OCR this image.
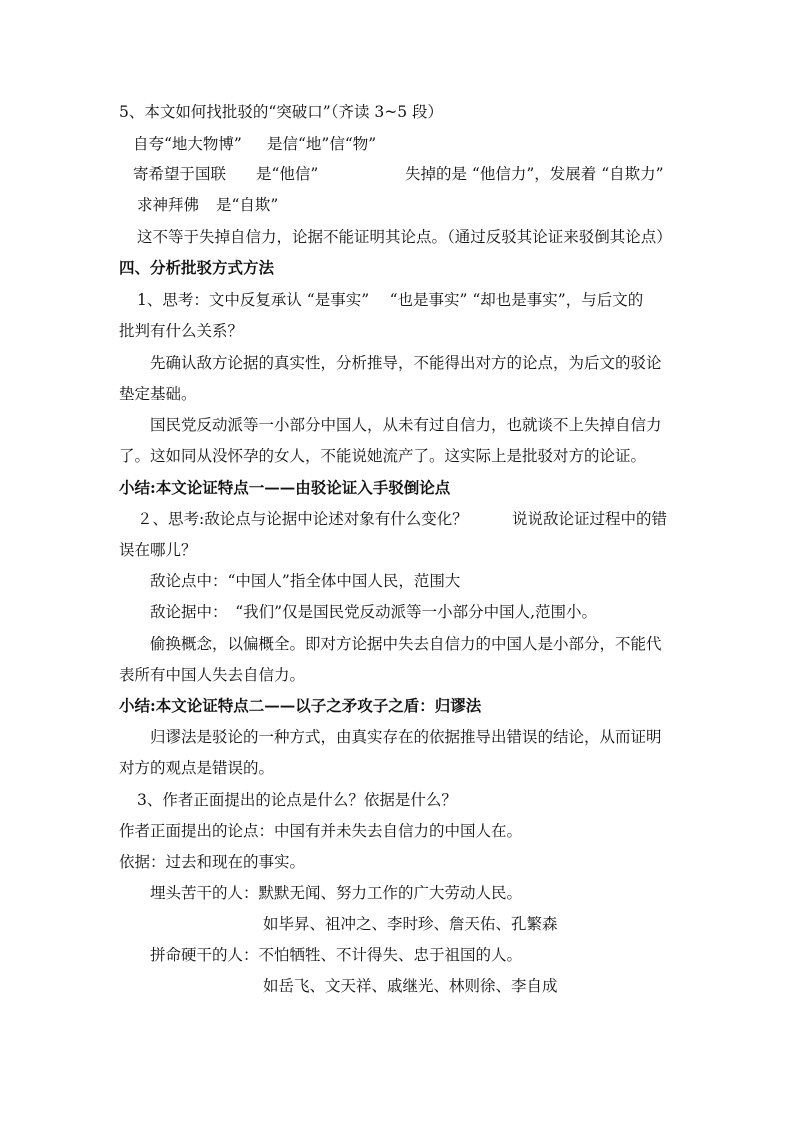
5、本文如何找批驳的“突破口”（齐读 3~5 段）
自夸“地大物博” 是信“地”信“物”
寄希望于国联 是“他信”	失掉的是 “他信力”，发展着 “自欺力”
求神拜佛 是“自欺”
这不等于失掉自信力，论据不能证明其论点。（通过反驳其论证来驳倒其论点）
四、分析批驳方式方法
1、思考：文中反复承认 “是事实”　 “也是事实” “却也是事实”，与后文的
批判有什么关系？
先确认敌方论据的真实性，分析推导，不能得出对方的论点，为后文的驳论
垫定基础。
国民党反动派等一小部分中国人，从未有过自信力，也就谈不上失掉自信力
了。这如同从没怀孕的女人，不能说她流产了。这实际上是批驳对方的论证。
小结:本文论证特点一——由驳论证入手驳倒论点
２、思考:敌论点与论据中论述对象有什么变化？	说说敌论证过程中的错
误在哪儿？
敌论点中：“中国人”指全体中国人民，范围大
敌论据中：　“我们”仅是国民党反动派等一小部分中国人,范围小。
偷换概念，以偏概全。即对方论据中失去自信力的中国人是小部分，不能代
表所有中国人失去自信力。
小结:本文论证特点二——以子之矛攻子之盾：归谬法
归谬法是驳论的一种方式，由真实存在的依据推导出错误的结论，从而证明
对方的观点是错误的。
3、作者正面提出的论点是什么？依据是什么？
作者正面提出的论点：中国有并未失去自信力的中国人在。
依据：过去和现在的事实。
埋头苦干的人：默默无闻、努力工作的广大劳动人民。
如毕昇、祖冲之、李时珍、詹天佑、孔繁森
拼命硬干的人：不怕牺牲、不计得失、忠于祖国的人。
如岳飞、文天祥、戚继光、林则徐、李自成
